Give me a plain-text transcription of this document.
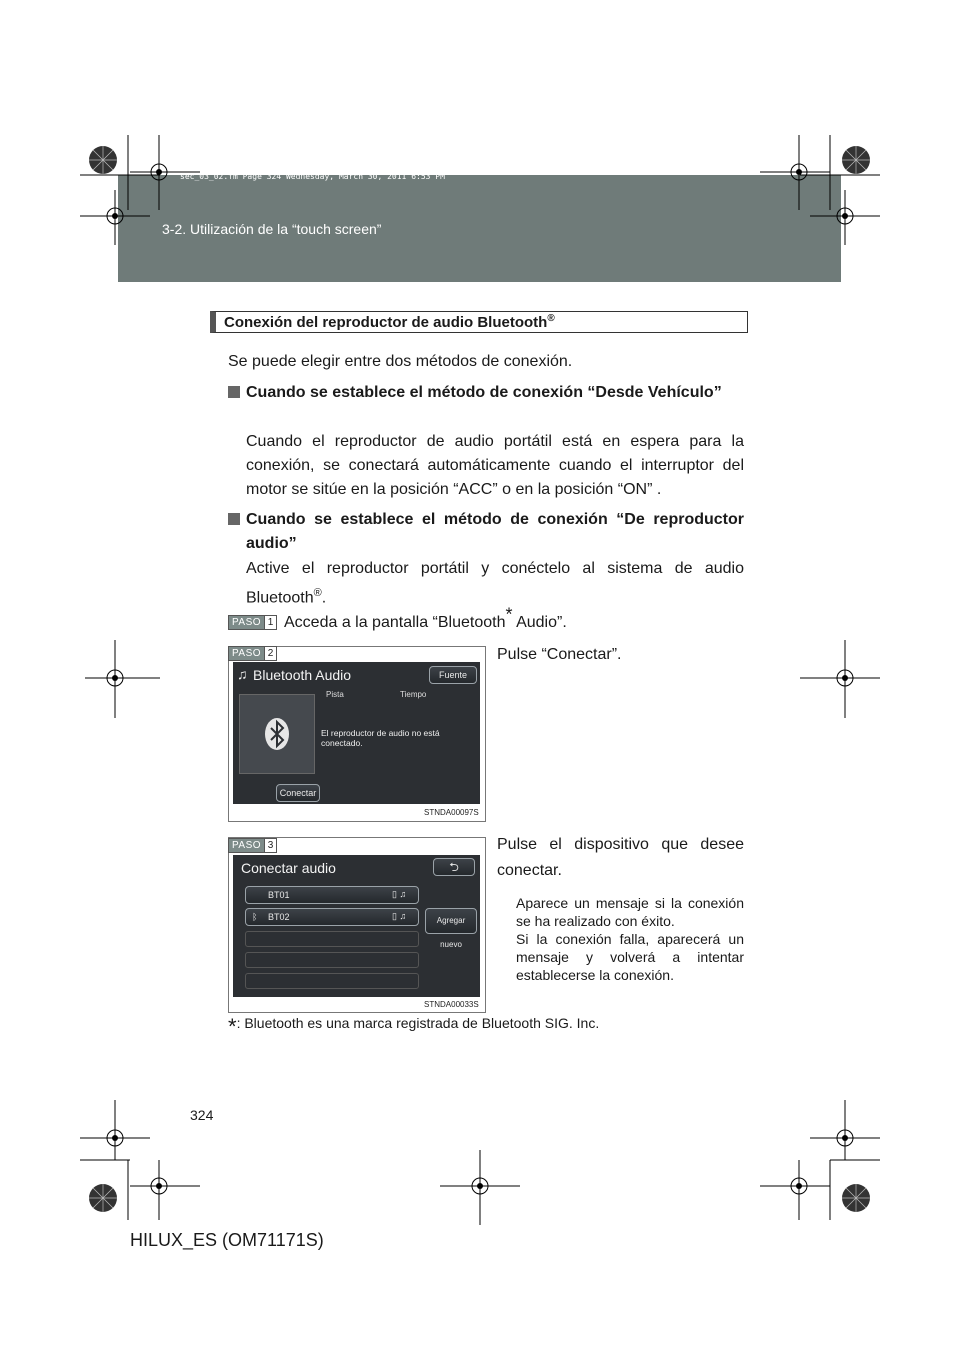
sec_03_02.fm Page 324 Wednesday, March 30, 2011 6:53 PM
3-2. Utilización de la “touch screen”
Conexión del reproductor de audio Bluetooth®
Se puede elegir entre dos métodos de conexión.
Cuando se establece el método de conexión “Desde Vehículo”
Cuando el reproductor de audio portátil está en espera para la conexión, se conectará automáticamente cuando el interruptor del motor se sitúe en la posición “ACC” o en la posición “ON” .
Cuando se establece el método de conexión “De reproductor audio”
Active el reproductor portátil y conéctelo al sistema de audio Bluetooth®.
PASO 1 Acceda a la pantalla “Bluetooth* Audio”.
PASO 2
♫ Bluetooth Audio	Fuente
Pista	Tiempo
El reproductor de audio no está conectado.
Conectar
STNDA00097S
Pulse “Conectar”.
PASO 3
Conectar audio	⮌
BT01	▯ ♫
ᛒ BT02	▯ ♫	Agregar nuevo
STNDA00033S
Pulse el dispositivo que desee conectar.
Aparece un mensaje si la conexión se ha realizado con éxito.
Si la conexión falla, aparecerá un mensaje y volverá a intentar establecerse la conexión.
*: Bluetooth es una marca registrada de Bluetooth SIG. Inc.
324
HILUX_ES (OM71171S)
